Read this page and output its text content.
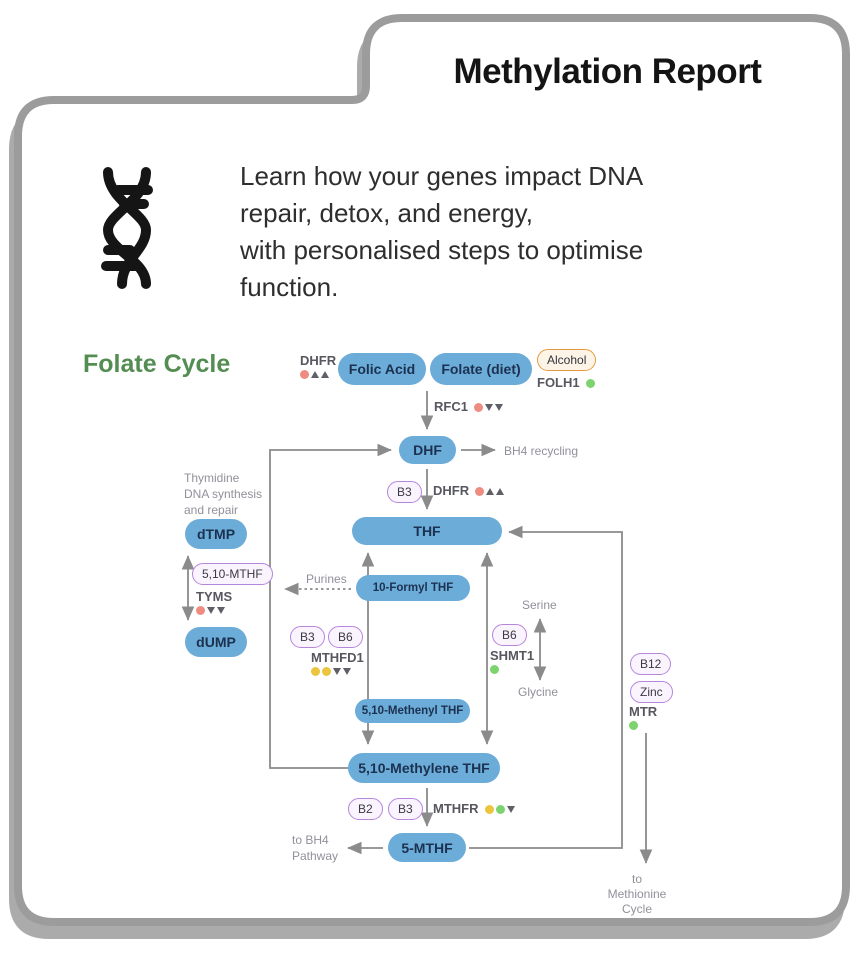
Methylation Report
Learn how your genes impact DNA
repair, detox, and energy,
with personalised steps to optimise
function.
Folate Cycle	Folic Acid	Folate (diet)
DHF
THF
dTMP
dUMP
10-Formyl THF
5,10-Methenyl THF
5,10-Methylene THF
5-MTHF
Alcohol
B3
5,10-MTHF
B3	B6	B6
B12
Zinc
B2	B3
DHFR
FOLH1
RFC1
DHFR
TYMS
MTHFD1	SHMT1
MTR
MTHFR
BH4 recycling
Purines
Serine
Glycine
Thymidine
DNA synthesis
and repair
to BH4
Pathway
to
Methionine
Cycle
